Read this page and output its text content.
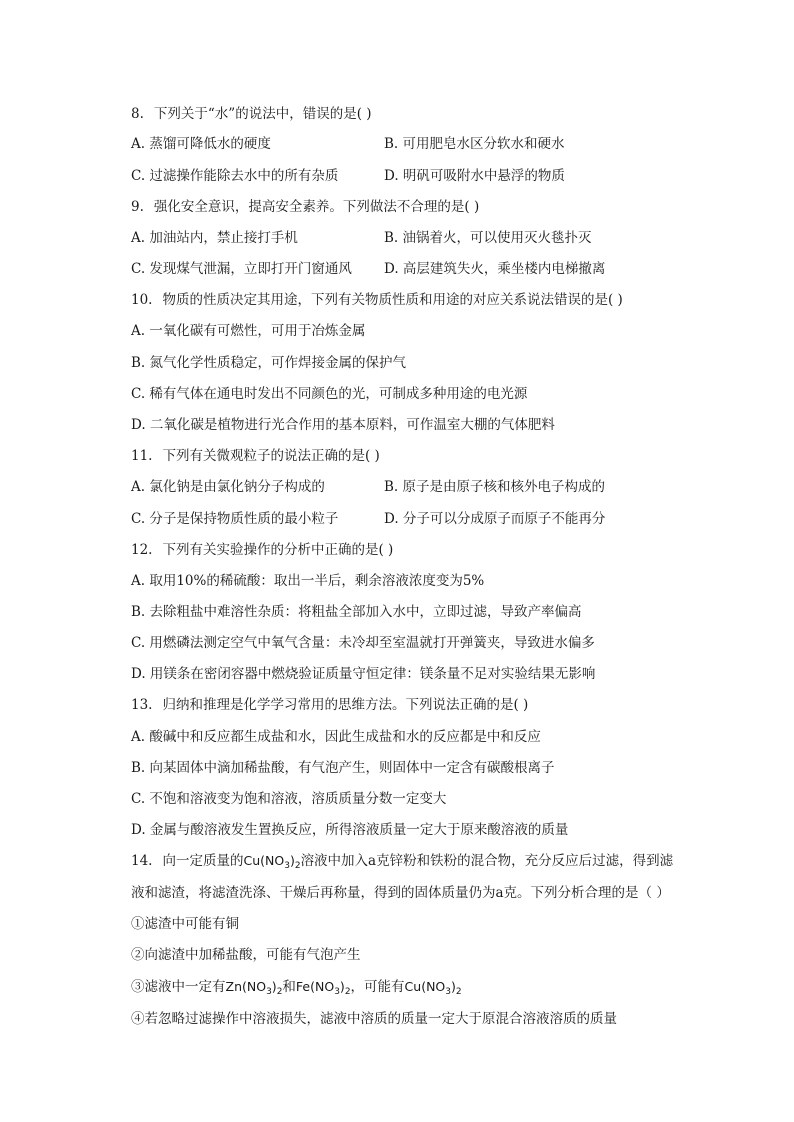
8. 下列关于“水”的说法中，错误的是( )
A. 蒸馏可降低水的硬度	B. 可用肥皂水区分软水和硬水
C. 过滤操作能除去水中的所有杂质	D. 明矾可吸附水中悬浮的物质
9. 强化安全意识，提高安全素养。下列做法不合理的是( )
A. 加油站内，禁止接打手机	B. 油锅着火，可以使用灭火毯扑灭
C. 发现煤气泄漏，立即打开门窗通风 D. 高层建筑失火，乘坐楼内电梯撤离
10. 物质的性质决定其用途，下列有关物质性质和用途的对应关系说法错误的是( )
A. 一氧化碳有可燃性，可用于冶炼金属
B. 氮气化学性质稳定，可作焊接金属的保护气
C. 稀有气体在通电时发出不同颜色的光，可制成多种用途的电光源
D. 二氧化碳是植物进行光合作用的基本原料，可作温室大棚的气体肥料
11. 下列有关微观粒子的说法正确的是( )
A. 氯化钠是由氯化钠分子构成的	B. 原子是由原子核和核外电子构成的
C. 分子是保持物质性质的最小粒子	D. 分子可以分成原子而原子不能再分
12. 下列有关实验操作的分析中正确的是( )
A. 取用10%的稀硫酸：取出一半后，剩余溶液浓度变为5%
B. 去除粗盐中难溶性杂质：将粗盐全部加入水中，立即过滤，导致产率偏高
C. 用燃磷法测定空气中氧气含量：未冷却至室温就打开弹簧夹，导致进水偏多
D. 用镁条在密闭容器中燃烧验证质量守恒定律：镁条量不足对实验结果无影响
13. 归纳和推理是化学学习常用的思维方法。下列说法正确的是( )
A. 酸碱中和反应都生成盐和水，因此生成盐和水的反应都是中和反应
B. 向某固体中滴加稀盐酸，有气泡产生，则固体中一定含有碳酸根离子
C. 不饱和溶液变为饱和溶液，溶质质量分数一定变大
D. 金属与酸溶液发生置换反应，所得溶液质量一定大于原来酸溶液的质量
14. 向一定质量的$Cu(NO_3)_2$溶液中加入a克锌粉和铁粉的混合物，充分反应后过滤，得到滤
液和滤渣，将滤渣洗涤、干燥后再称量，得到的固体质量仍为a克。下列分析合理的是（ ）
①滤渣中可能有铜
②向滤渣中加稀盐酸，可能有气泡产生
③滤液中一定有$Zn(NO_3)_2$和$Fe(NO_3)_2$，可能有$Cu(NO_3)_2$
④若忽略过滤操作中溶液损失，滤液中溶质的质量一定大于原混合溶液溶质的质量
